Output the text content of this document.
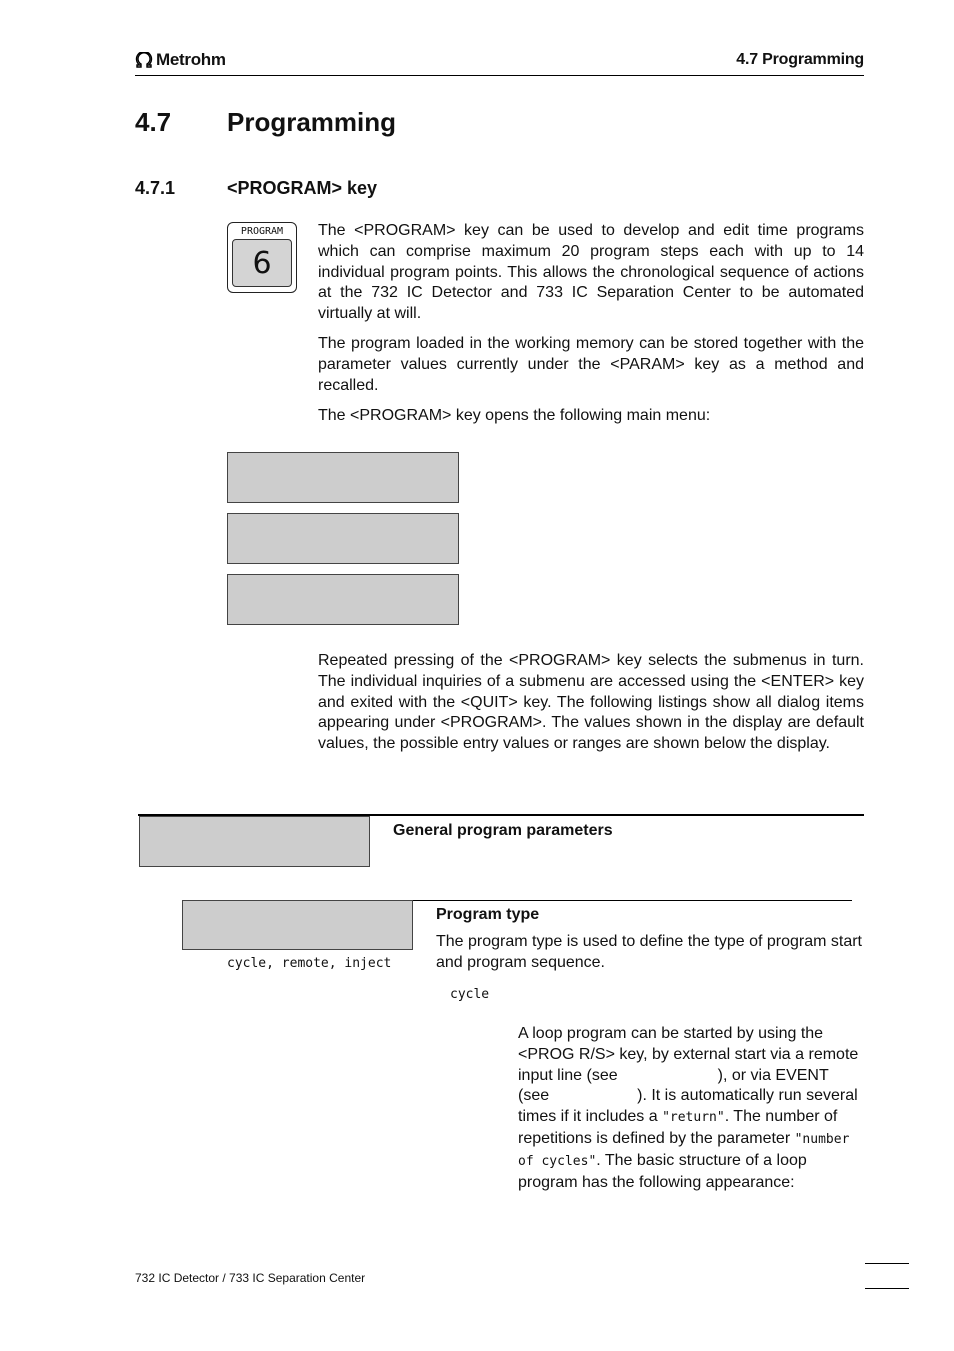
Metrohm	4.7 Programming
4.7 Programming
4.7.1	<PROGRAM> key
PROGRAM
6
The <PROGRAM> key can be used to develop and edit time programs which can comprise maximum 20 program steps each with up to 14 individual program points. This allows the chronological sequence of actions at the 732 IC Detector and 733 IC Separation Center to be automated virtually at will.
The program loaded in the working memory can be stored together with the parameter values currently under the <PARAM> key as a method and recalled.
The <PROGRAM> key opens the following main menu:
Repeated pressing of the <PROGRAM> key selects the submenus in turn. The individual inquiries of a submenu are accessed using the <ENTER> key and exited with the <QUIT> key. The following listings show all dialog items appearing under <PROGRAM>. The values shown in the display are default values, the possible entry values or ranges are shown below the display.
General program parameters
Program type
The program type is used to define the type of program start and program sequence.
cycle, remote, inject
cycle
A loop program can be started by using the <PROG R/S> key, by external start via a remote input line (see	), or via EVENT (see	). It is automatically run several times if it includes a "return". The number of repetitions is defined by the parameter "number of cycles". The basic structure of a loop program has the following appearance:
732 IC Detector / 733 IC Separation Center
